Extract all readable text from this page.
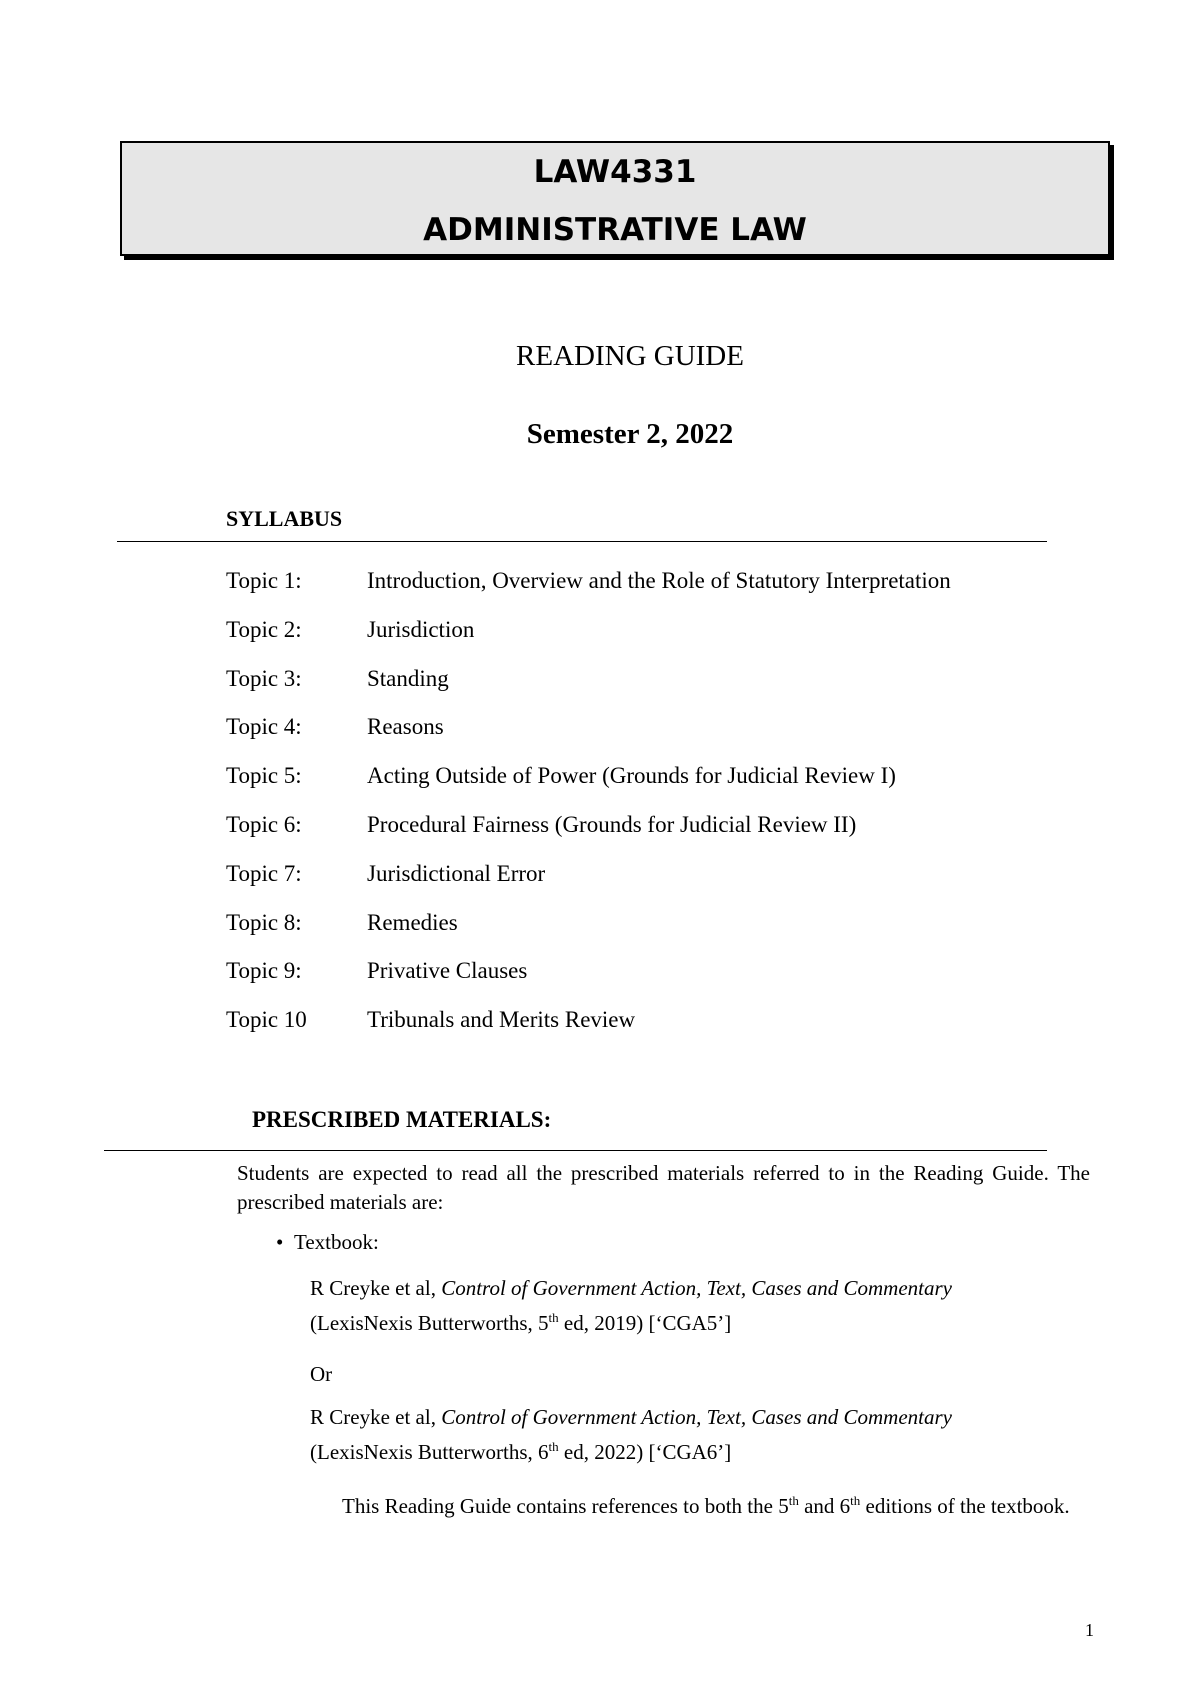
LAW4331
ADMINISTRATIVE LAW
READING GUIDE
Semester 2, 2022
SYLLABUS
Topic 1:	Introduction, Overview and the Role of Statutory Interpretation
Topic 2:	Jurisdiction
Topic 3:	Standing
Topic 4:	Reasons
Topic 5:	Acting Outside of Power (Grounds for Judicial Review I)
Topic 6:	Procedural Fairness (Grounds for Judicial Review II)
Topic 7:	Jurisdictional Error
Topic 8:	Remedies
Topic 9:	Privative Clauses
Topic 10	Tribunals and Merits Review
PRESCRIBED MATERIALS:
Students are expected to read all the prescribed materials referred to in the Reading Guide. The prescribed materials are:
• Textbook:
R Creyke et al, Control of Government Action, Text, Cases and Commentary
(LexisNexis Butterworths, 5th ed, 2019) [‘CGA5’]
Or
R Creyke et al, Control of Government Action, Text, Cases and Commentary
(LexisNexis Butterworths, 6th ed, 2022) [‘CGA6’]
This Reading Guide contains references to both the 5th and 6th editions of the textbook.
1
